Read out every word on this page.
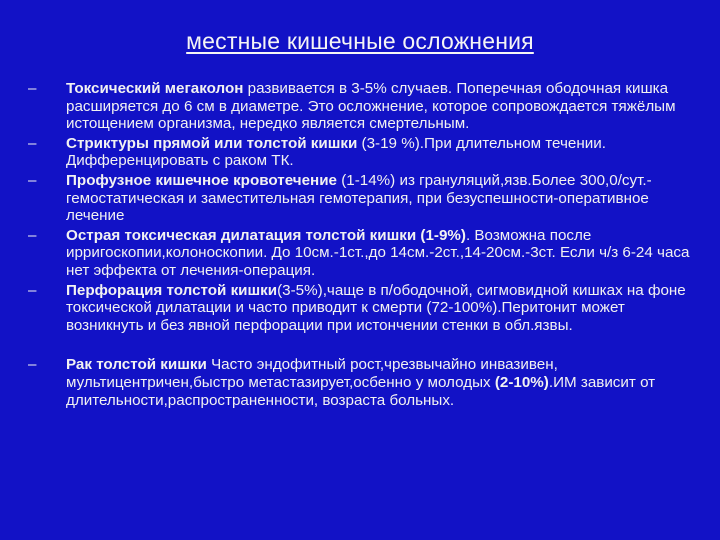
местные кишечные осложнения
–	Токсический мегаколон развивается в 3-5% случаев. Поперечная ободочная кишка расширяется до 6 см в диаметре. Это осложнение, которое сопровождается тяжёлым истощением организма, нередко является смертельным.
–	Стриктуры прямой или толстой кишки (3-19 %).При длительном течении. Дифференцировать с раком ТК.
–	Профузное кишечное кровотечение (1-14%) из грануляций,язв.Более 300,0/сут.- гемостатическая и заместительная гемотерапия, при безуспешности-оперативное лечение
–	Острая токсическая дилатация толстой кишки (1-9%). Возможна после ирригоскопии,колоноскопии. До 10см.-1ст.,до 14см.-2ст.,14-20см.-3ст. Если ч/з 6-24 часа нет эффекта от лечения-операция.
–	Перфорация толстой кишки(3-5%),чаще в п/ободочной, сигмовидной кишках на фоне токсической дилатации и часто приводит к смерти (72-100%).Перитонит может возникнуть и без явной перфорации при истончении стенки в обл.язвы.
–	Рак толстой кишки Часто эндофитный рост,чрезвычайно инвазивен, мультицентричен,быстро метастазирует,осбенно у молодых (2-10%).ИМ зависит от длительности,распространенности, возраста больных.
